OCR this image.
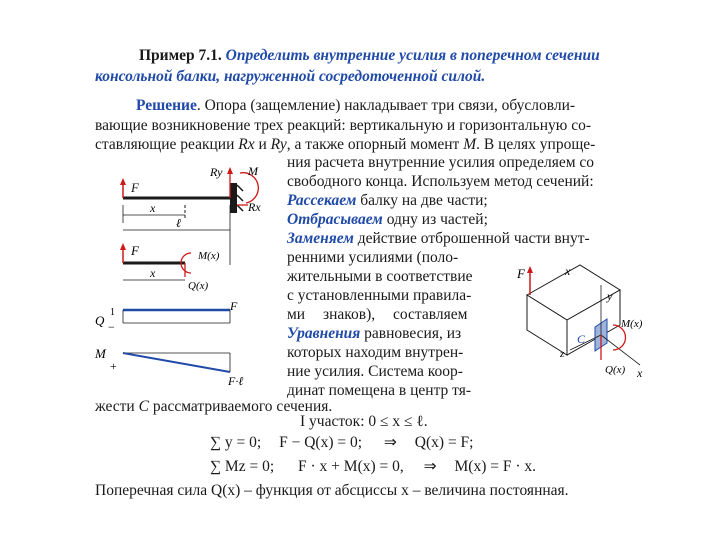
Пример 7.1. Определить внутренние усилия в поперечном сечении
консольной балки, нагруженной сосредоточенной силой.
Решение. Опора (защемление) накладывает три связи, обусловли-
вающие возникновение трех реакций: вертикальную и горизонтальную со-
ставляющие реакции Rx и Ry, а также опорный момент M. В целях упроще-
ния расчета внутренние усилия определяем со
свободного конца. Используем метод сечений:
Рассекаем балку на две части;
Отбрасываем одну из частей;
Заменяем действие отброшенной части внут-
ренними усилиями (поло-
жительными в соответствие
с установленными правила-
ми знаков), составляем
Уравнения равновесия, из
которых находим внутрен-
ние усилия. Система коор-
динат помещена в центр тя-
жести С рассматриваемого сечения.
I участок: 0 ≤ x ≤ ℓ.
∑ y = 0; F − Q(x) = 0; ⇒ Q(x) = F;
∑ Mz = 0; F · x + M(x) = 0, ⇒ M(x) = F · x.
Поперечная сила Q(x) – функция от абсциссы x – величина постоянная.
F
Ry M
Rx
x
ℓ
F	M(x)
Q(x)
x
Q
1
−
F
M
+
F·ℓ
F
y
x
z
C
M(x)
Q(x)
x
